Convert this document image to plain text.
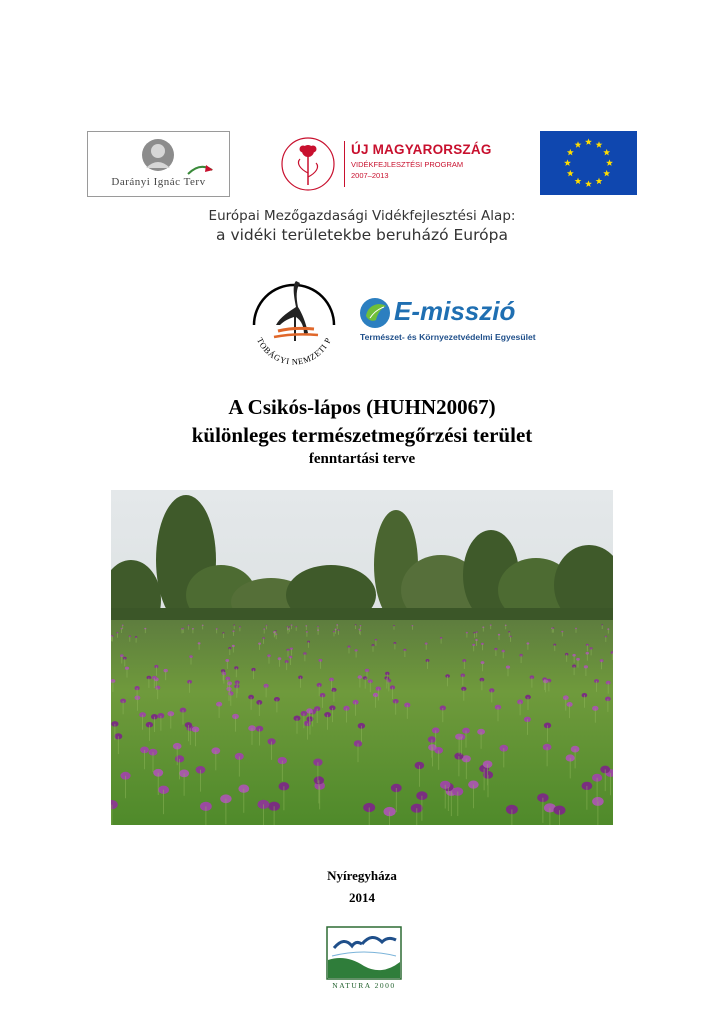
Darányi Ignác Terv
ÚJ MAGYARORSZÁG
VIDÉKFEJLESZTÉSI PROGRAM
2007–2013
Európai Mezőgazdasági Vidékfejlesztési Alap:
a vidéki területekbe beruházó Európa
TOBÁGYI NEMZETI P
E-misszió
Természet- és Környezetvédelmi Egyesület
A Csikós-lápos (HUHN20067)
különleges természetmegőrzési terület
fenntartási terve
Nyíregyháza
2014
NATURA 2000
